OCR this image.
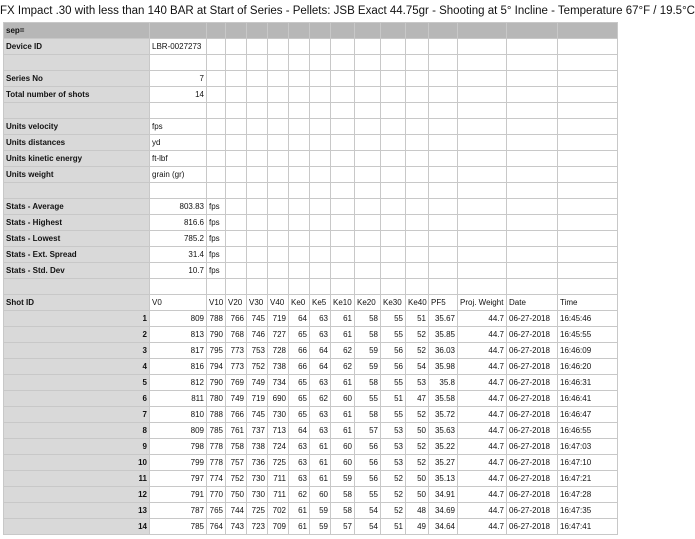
FX Impact .30 with less than 140 BAR at Start of Series - Pellets: JSB Exact 44.75gr - Shooting at 5° Incline - Temperature 67°F / 19.5°C
sep=															
Device ID	LBR-0027273														

Series No	7														
Total number of shots	14														

Units velocity	fps														
Units distances	yd														
Units kinetic energy	ft-lbf														
Units weight	grain (gr)														

Stats - Average	803.83	fps													
Stats - Highest	816.6	fps													
Stats - Lowest	785.2	fps													
Stats - Ext. Spread	31.4	fps													
Stats - Std. Dev	10.7	fps													

Shot ID	V0	V10	V20	V30	V40	Ke0	Ke5	Ke10	Ke20	Ke30	Ke40	PF5	Proj. Weight	Date	Time
1	809	788	766	745	719	64	63	61	58	55	51	35.67	44.7	06-27-2018	16:45:46
2	813	790	768	746	727	65	63	61	58	55	52	35.85	44.7	06-27-2018	16:45:55
3	817	795	773	753	728	66	64	62	59	56	52	36.03	44.7	06-27-2018	16:46:09
4	816	794	773	752	738	66	64	62	59	56	54	35.98	44.7	06-27-2018	16:46:20
5	812	790	769	749	734	65	63	61	58	55	53	35.8	44.7	06-27-2018	16:46:31
6	811	780	749	719	690	65	62	60	55	51	47	35.58	44.7	06-27-2018	16:46:41
7	810	788	766	745	730	65	63	61	58	55	52	35.72	44.7	06-27-2018	16:46:47
8	809	785	761	737	713	64	63	61	57	53	50	35.63	44.7	06-27-2018	16:46:55
9	798	778	758	738	724	63	61	60	56	53	52	35.22	44.7	06-27-2018	16:47:03
10	799	778	757	736	725	63	61	60	56	53	52	35.27	44.7	06-27-2018	16:47:10
11	797	774	752	730	711	63	61	59	56	52	50	35.13	44.7	06-27-2018	16:47:21
12	791	770	750	730	711	62	60	58	55	52	50	34.91	44.7	06-27-2018	16:47:28
13	787	765	744	725	702	61	59	58	54	52	48	34.69	44.7	06-27-2018	16:47:35
14	785	764	743	723	709	61	59	57	54	51	49	34.64	44.7	06-27-2018	16:47:41
